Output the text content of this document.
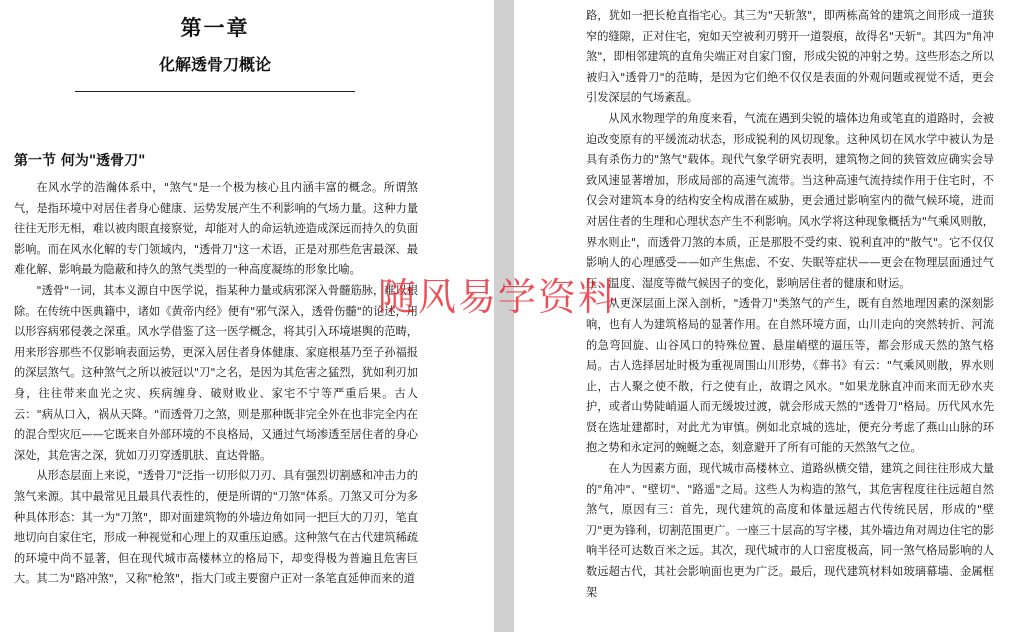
第一章
化解透骨刀概论
第一节 何为"透骨刀"

在风水学的浩瀚体系中，"煞气"是一个极为核心且内涵丰富的概念。所谓煞气，是指环境中对居住者身心健康、运势发展产生不利影响的气场力量。这种力量往往无形无相，难以被肉眼直接察觉，却能对人的命运轨迹造成深远而持久的负面影响。而在风水化解的专门领域内，"透骨刀"这一术语，正是对那些危害最深、最难化解、影响最为隐蔽和持久的煞气类型的一种高度凝练的形象比喻。

"透骨"一词，其本义源自中医学说，指某种力量或病邪深入骨髓筋脉，难以根除。在传统中医典籍中，诸如《黄帝内经》便有"邪气深入，透骨伤髓"的论述，用以形容病邪侵袭之深重。风水学借鉴了这一医学概念，将其引入环境堪舆的范畴，用来形容那些不仅影响表面运势，更深入居住者身体健康、家庭根基乃至子孙福报的深层煞气。这种煞气之所以被冠以"刀"之名，是因为其危害之猛烈，犹如利刃加身，往往带来血光之灾、疾病缠身、破财败业、家宅不宁等严重后果。古人云："病从口入，祸从天降。"而透骨刀之煞，则是那种既非完全外在也非完全内在的混合型灾厄——它既来自外部环境的不良格局，又通过气场渗透至居住者的身心深处，其危害之深，犹如刀刃穿透肌肤、直达骨骼。

从形态层面上来说，"透骨刀"泛指一切形似刀刃、具有强烈切割感和冲击力的煞气来源。其中最常见且最具代表性的，便是所谓的"刀煞"体系。刀煞又可分为多种具体形态：其一为"刀煞"，即对面建筑物的外墙边角如同一把巨大的刀刃，笔直地切向自家住宅，形成一种视觉和心理上的双重压迫感。这种煞气在古代建筑稀疏的环境中尚不显著，但在现代城市高楼林立的格局下，却变得极为普遍且危害巨大。其二为"路冲煞"，又称"枪煞"，指大门或主要窗户正对一条笔直延伸而来的道

路，犹如一把长枪直指宅心。其三为"天斩煞"，即两栋高耸的建筑之间形成一道狭窄的缝隙，正对住宅，宛如天空被利刃劈开一道裂痕，故得名"天斩"。其四为"角冲煞"，即相邻建筑的直角尖端正对自家门窗，形成尖锐的冲射之势。这些形态之所以被归入"透骨刀"的范畴，是因为它们绝不仅仅是表面的外观问题或视觉不适，更会引发深层的气场紊乱。

从风水物理学的角度来看，气流在遇到尖锐的墙体边角或笔直的道路时，会被迫改变原有的平缓流动状态，形成锐利的风切现象。这种风切在风水学中被认为是具有杀伤力的"煞气"载体。现代气象学研究表明，建筑物之间的狭管效应确实会导致风速显著增加，形成局部的高速气流带。当这种高速气流持续作用于住宅时，不仅会对建筑本身的结构安全构成潜在威胁，更会通过影响室内的微气候环境，进而对居住者的生理和心理状态产生不利影响。风水学将这种现象概括为"气乘风则散，界水则止"，而透骨刀煞的本质，正是那股不受约束、锐利直冲的"散气"。它不仅仅影响人的心理感受——如产生焦虑、不安、失眠等症状——更会在物理层面通过气压、温度、湿度等微气候因子的变化，影响居住者的健康和财运。

从更深层面上深入剖析，"透骨刀"类煞气的产生，既有自然地理因素的深刻影响，也有人为建筑格局的显著作用。在自然环境方面，山川走向的突然转折、河流的急弯回旋、山谷风口的特殊位置、悬崖峭壁的逼压等，都会形成天然的煞气格局。古人选择居址时极为重视周围山川形势，《葬书》有云："气乘风则散，界水则止，古人聚之使不散，行之使有止，故谓之风水。"如果龙脉直冲而来而无砂水夹护，或者山势陡峭逼人而无缓坡过渡，就会形成天然的"透骨刀"格局。历代风水先贤在选址建都时，对此尤为审慎。例如北京城的选址，便充分考虑了燕山山脉的环抱之势和永定河的蜿蜒之态，刻意避开了所有可能的天然煞气之位。

在人为因素方面，现代城市高楼林立、道路纵横交错，建筑之间往往形成大量的"角冲"、"壁切"、"路遥"之局。这些人为构造的煞气，其危害程度往往远超自然煞气，原因有三：首先，现代建筑的高度和体量远超古代传统民居，形成的"壁刀"更为锋利，切割范围更广。一座三十层高的写字楼，其外墙边角对周边住宅的影响半径可达数百米之远。其次，现代城市的人口密度极高，同一煞气格局影响的人数远超古代，其社会影响面也更为广泛。最后，现代建筑材料如玻璃幕墙、金属框架

随风易学资料
